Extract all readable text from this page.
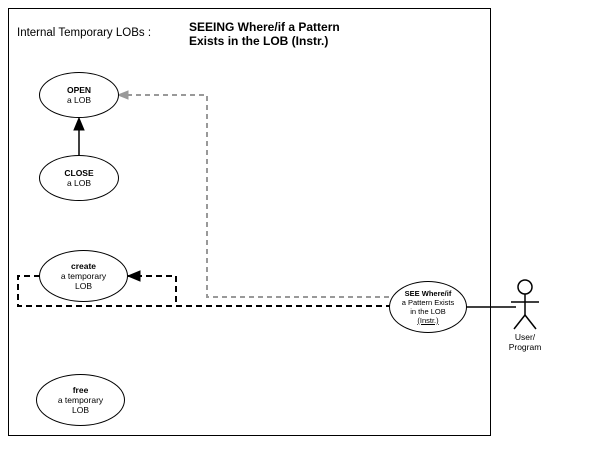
Internal Temporary LOBs :	SEEING Where/if a Pattern
Exists in the LOB (Instr.)
OPEN
a LOB
CLOSE
a LOB
create
a temporary
LOB
free
a temporary
LOB
SEE Where/if
a Pattern Exists
in the LOB
(Instr.)
User/
Program
